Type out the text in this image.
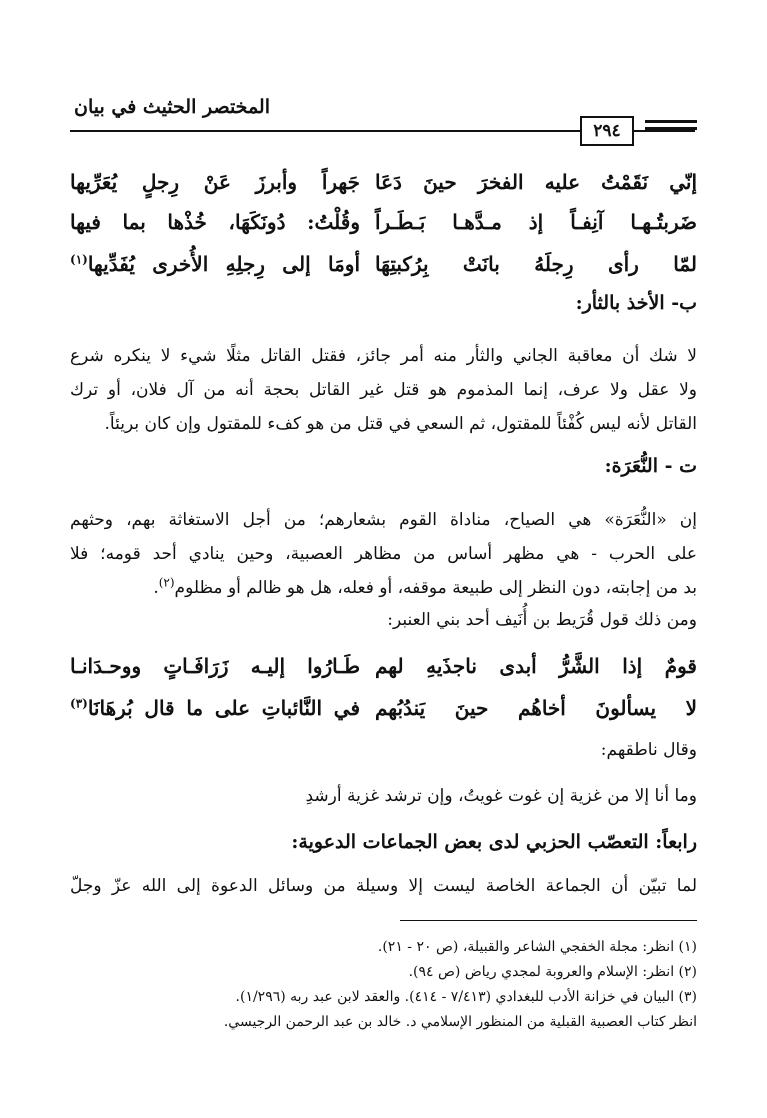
المختصر الحثيث في بيان
٢٩٤
إنّي نَقَمْتُ عليه الفخرَ حينَ دَعَا
جَهراً وأبرزَ عَنْ رِجلٍ يُعَرِّيها
ضَربتُـهـا آنِفـاً إذ مـدَّهـا بَـطَـراً
وقُلْتُ: دُونَكَهَا، خُذْها بما فيها
لمّا رأى رِجلَهُ بانَتْ بِرُكبتِهَا
أومَا إلى رِجلِهِ الأُخرى يُفَدِّيها$^{(١)}$
ب- الأخذ بالثأر:
لا شك أن معاقبة الجاني والثأر منه أمر جائز، فقتل القاتل مثلًا شيء لا ينكره شرع
ولا عقل ولا عرف، إنما المذموم هو قتل غير القاتل بحجة أنه من آل فلان، أو ترك
القاتل لأنه ليس كُفْئاً للمقتول، ثم السعي في قتل من هو كفء للمقتول وإن كان بريئاً.
ت - النُّعَرَة:
إن «النُّعَرَة» هي الصياح، مناداة القوم بشعارهم؛ من أجل الاستغاثة بهم، وحثهم
على الحرب - هي مظهر أساس من مظاهر العصبية، وحين ينادي أحد قومه؛ فلا
بد من إجابته، دون النظر إلى طبيعة موقفه، أو فعله، هل هو ظالم أو مظلوم$^{(٢)}$.
ومن ذلك قول قُرَيط بن أُنَيف أحد بني العنبر:
قومٌ إذا الشَّرُّ أبدى ناجذَيهِ لهم
طَـارُوا إليـه زَرَافَـاتٍ ووحـدَانـا
لا يسألونَ أخاهُم حينَ يَندُبُهم
في النَّائباتِ على ما قال بُرهَانَا$^{(٣)}$
وقال ناطقهم:
وما أنا إلا من غزية إن غوت غويتُ، وإن ترشد غزية أرشدِ
رابعاً: التعصّب الحزبي لدى بعض الجماعات الدعوية:
لما تبيّن أن الجماعة الخاصة ليست إلا وسيلة من وسائل الدعوة إلى الله عزّ وجلّ
(١) انظر: مجلة الخفجي الشاعر والقبيلة، (ص ٢٠ - ٢١).
(٢) انظر: الإسلام والعروبة لمجدي رياض (ص ٩٤).
(٣) البيان في خزانة الأدب للبغدادي (٧/٤١٣ - ٤١٤). والعقد لابن عبد ربه (١/٢٩٦).
انظر كتاب العصبية القبلية من المنظور الإسلامي د. خالد بن عبد الرحمن الرجيسي.
